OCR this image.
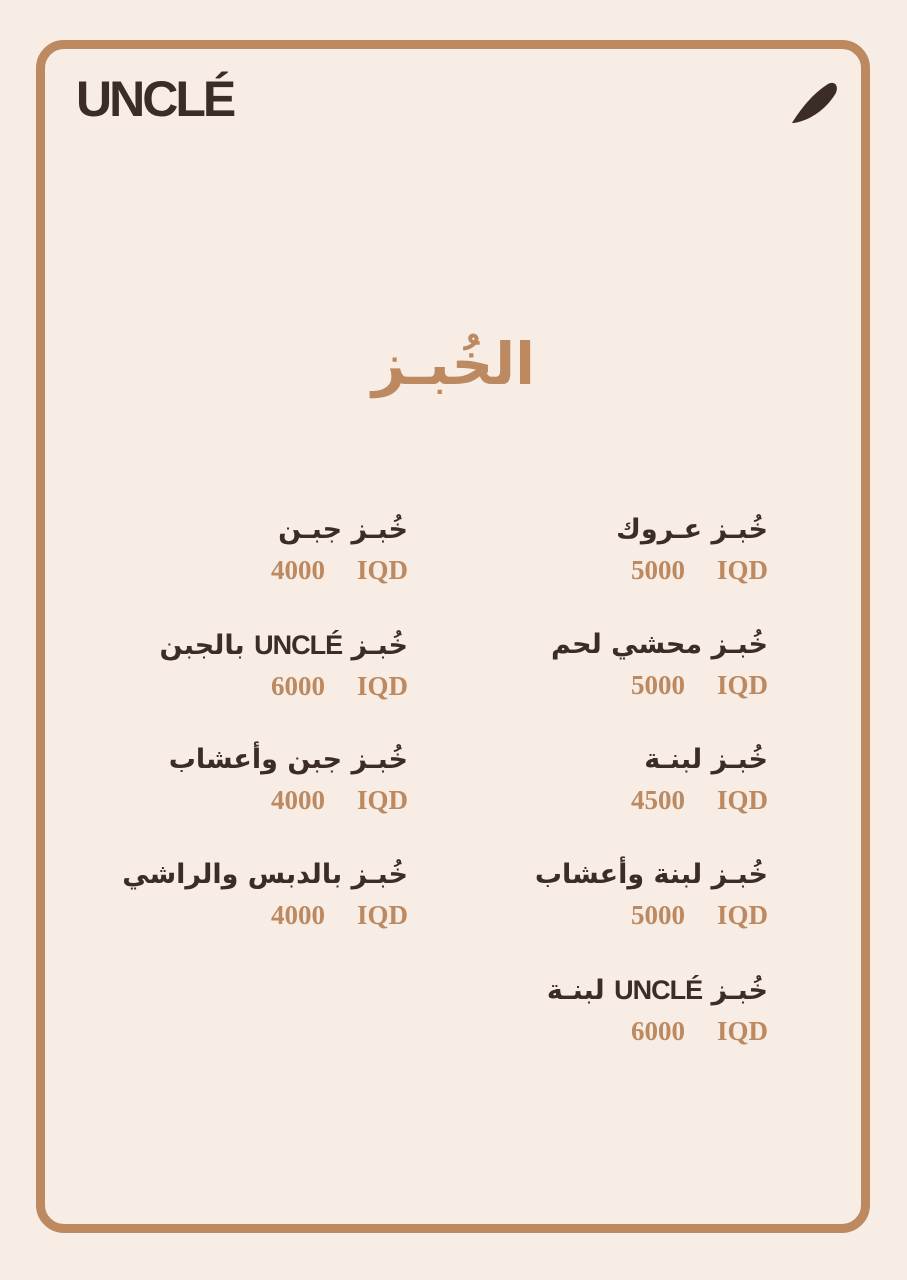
UNCLÉ
الخُبـز
خُبـز عـروك
5000 IQD
خُبـز محشي لحم
5000 IQD
خُبـز لبنـة
4500 IQD
خُبـز لبنة وأعشاب
5000 IQD
خُبـز UNCLÉ لبنـة
6000 IQD
خُبـز جبـن
4000 IQD
خُبـز UNCLÉ بالجبن
6000 IQD
خُبـز جبن وأعشاب
4000 IQD
خُبـز بالدبس والراشي
4000 IQD
